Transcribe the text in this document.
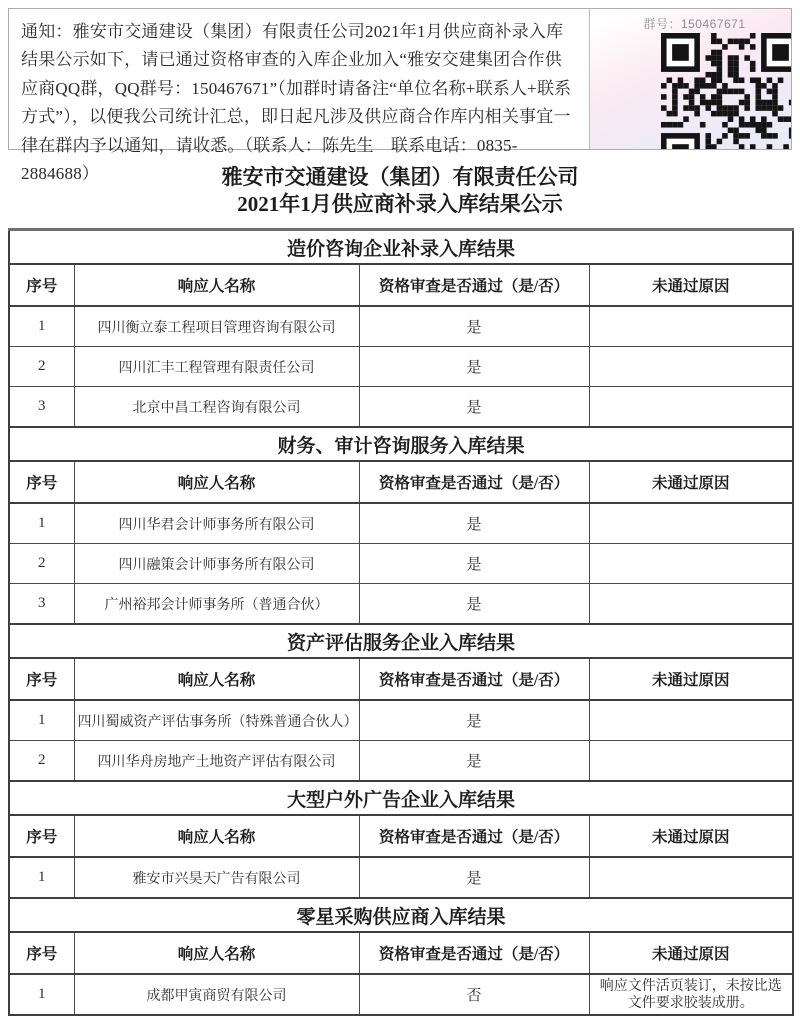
通知：雅安市交通建设（集团）有限责任公司2021年1月供应商补录入库结果公示如下，请已通过资格审查的入库企业加入“雅安交建集团合作供应商QQ群，QQ群号：150467671”（加群时请备注“单位名称+联系人+联系方式”），以便我公司统计汇总，即日起凡涉及供应商合作库内相关事宜一律在群内予以通知，请收悉。（联系人：陈先生　联系电话：0835-2884688）
群号：150467671
雅安市交通建设（集团）有限责任公司
2021年1月供应商补录入库结果公示
造价咨询企业补录入库结果			
序号	响应人名称	资格审查是否通过（是/否）	未通过原因
1	四川衡立泰工程项目管理咨询有限公司	是	
2	四川汇丰工程管理有限责任公司	是	
3	北京中昌工程咨询有限公司	是	
财务、审计咨询服务入库结果			
序号	响应人名称	资格审查是否通过（是/否）	未通过原因
1	四川华君会计师事务所有限公司	是	
2	四川融策会计师事务所有限公司	是	
3	广州裕邦会计师事务所（普通合伙）	是	
资产评估服务企业入库结果			
序号	响应人名称	资格审查是否通过（是/否）	未通过原因
1	四川蜀威资产评估事务所（特殊普通合伙人）	是	
2	四川华舟房地产土地资产评估有限公司	是	
大型户外广告企业入库结果			
序号	响应人名称	资格审查是否通过（是/否）	未通过原因
1	雅安市兴昊天广告有限公司	是	
零星采购供应商入库结果			
序号	响应人名称	资格审查是否通过（是/否）	未通过原因
1	成都甲寅商贸有限公司	否	响应文件活页装订，未按比选文件要求胶装成册。
